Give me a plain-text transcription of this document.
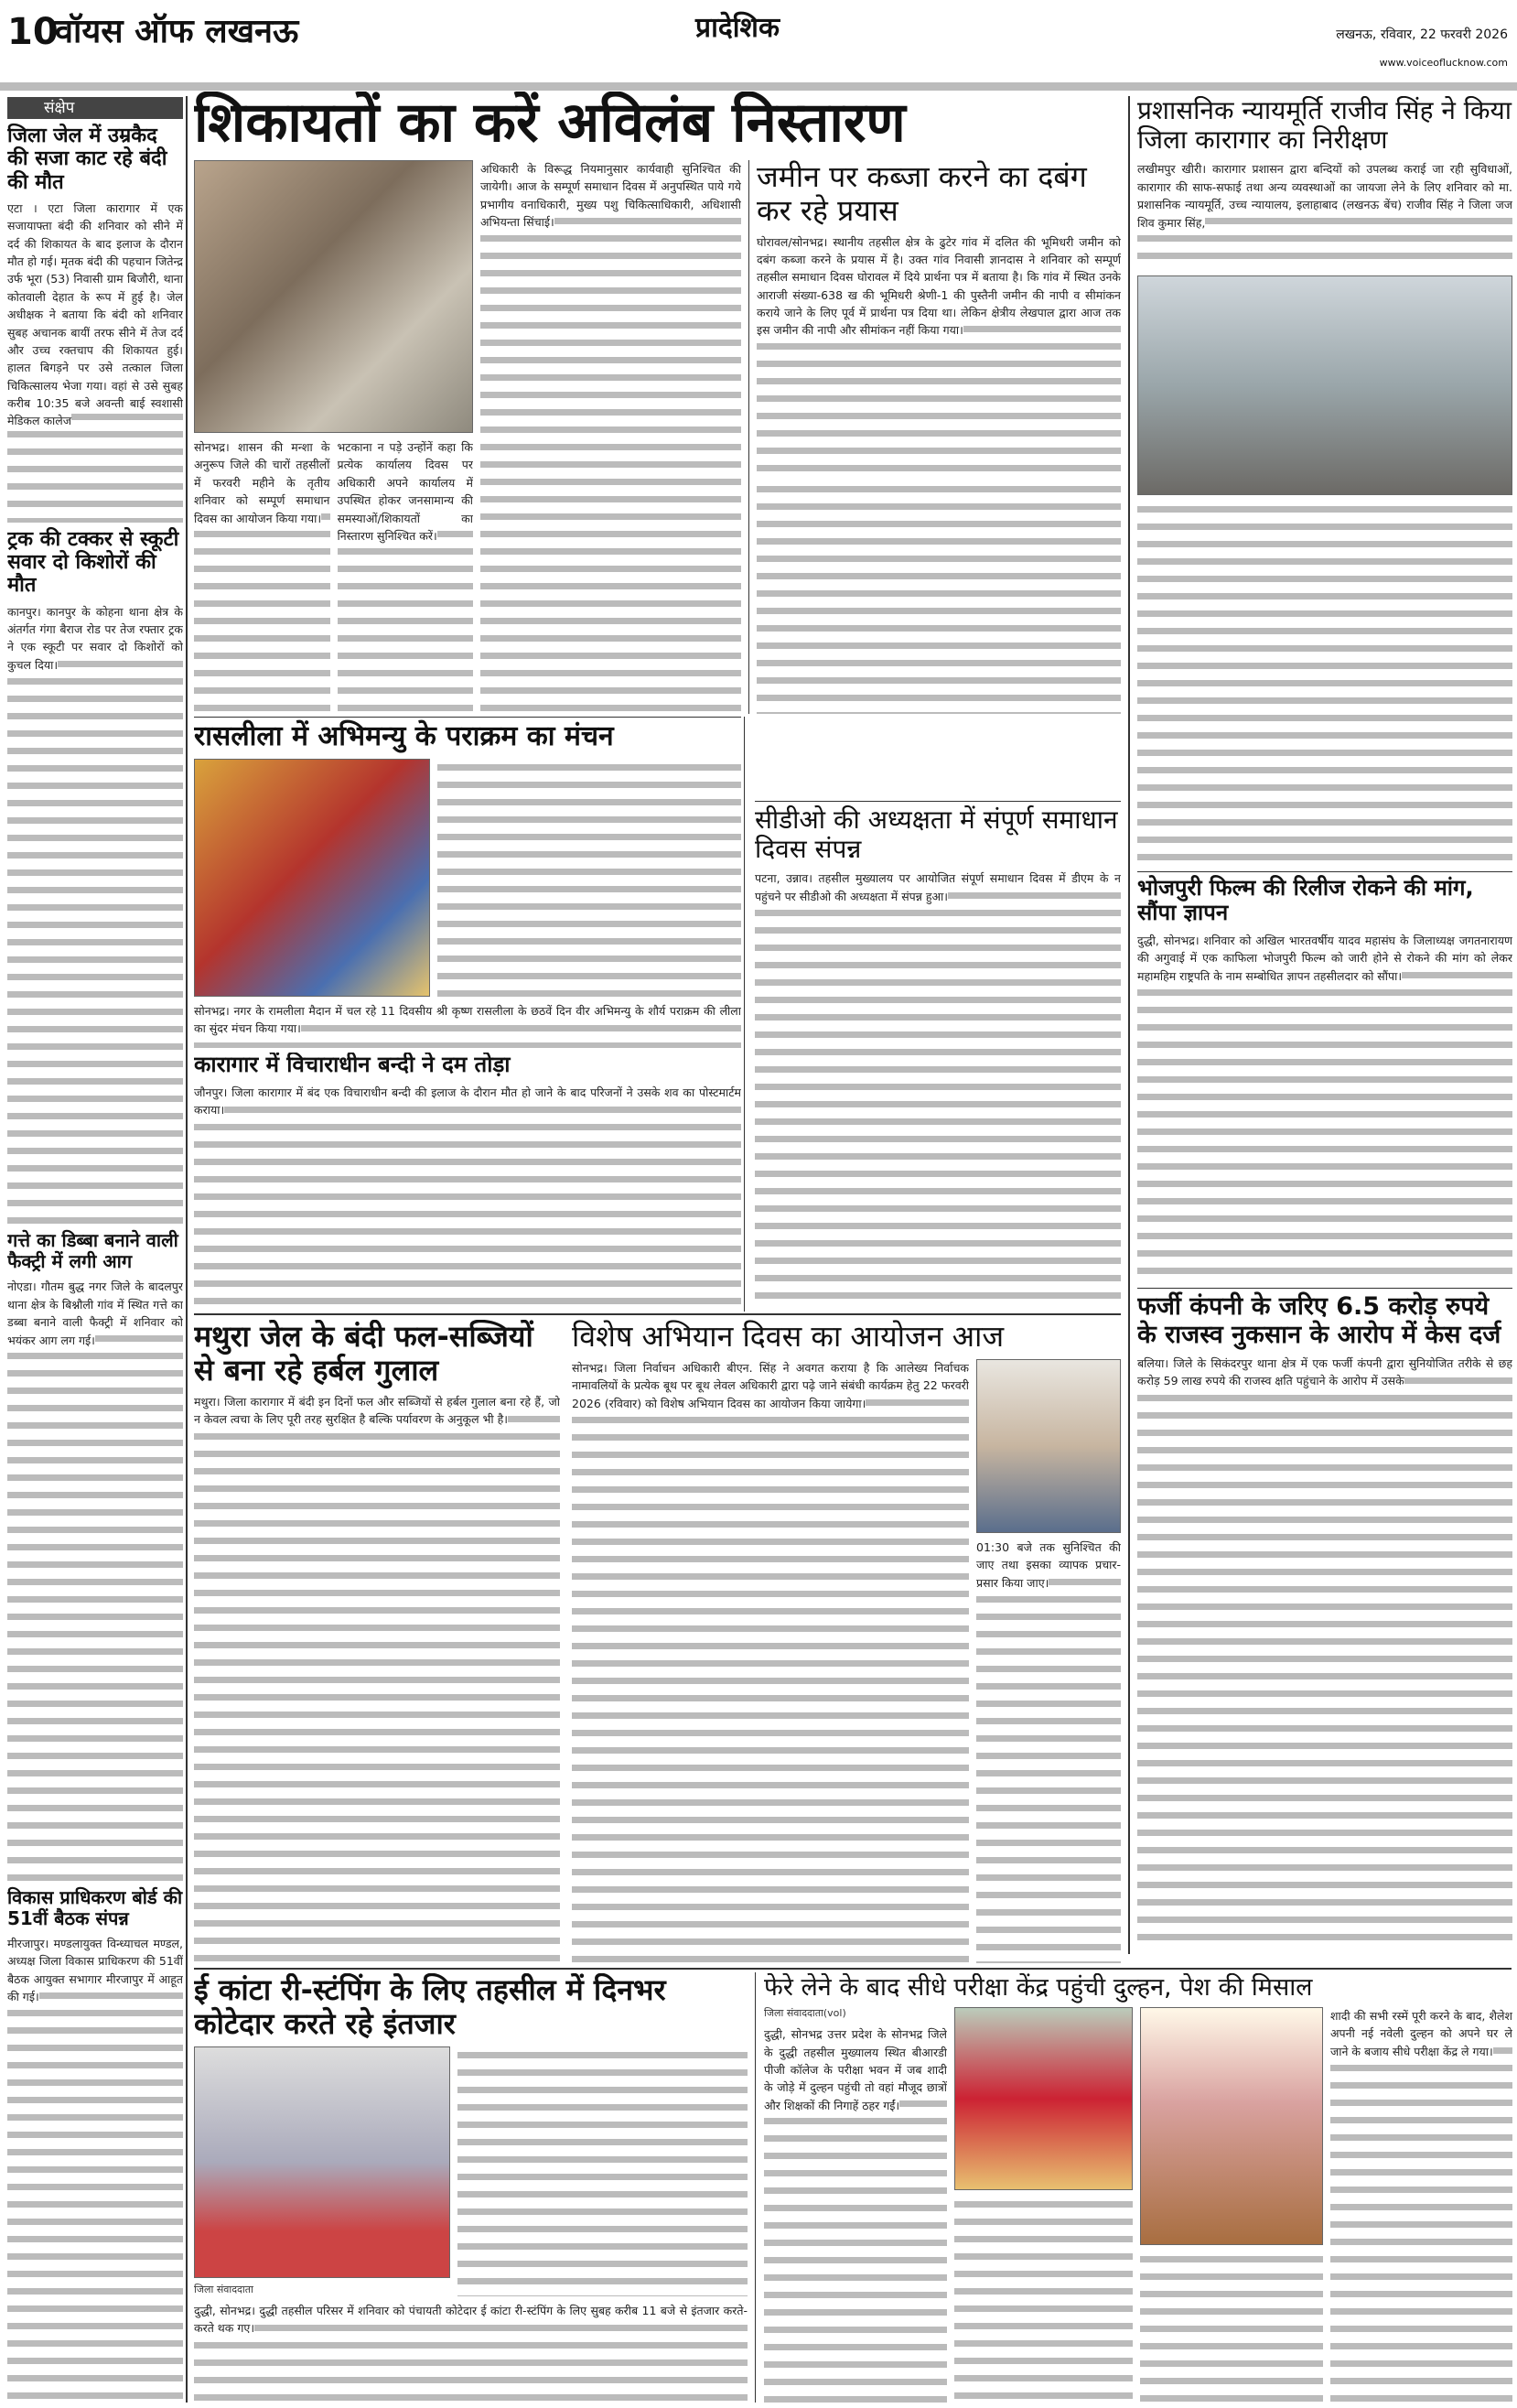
10
वॉयस ऑफ लखनऊ	प्रादेशिक	लखनऊ, रविवार, 22 फरवरी 2026
www.voiceoflucknow.com
संक्षेप
जिला जेल में उम्रकैद की सजा काट रहे बंदी की मौत
एटा । एटा जिला कारागार में एक सजायाफ्ता बंदी की शनिवार को सीने में दर्द की शिकायत के बाद इलाज के दौरान मौत हो गई। मृतक बंदी की पहचान जितेन्द्र उर्फ भूरा (53) निवासी ग्राम बिजौरी, थाना कोतवाली देहात के रूप में हुई है। जेल अधीक्षक ने बताया कि बंदी को शनिवार सुबह अचानक बायीं तरफ सीने में तेज दर्द और उच्च रक्तचाप की शिकायत हुई। हालत बिगड़ने पर उसे तत्काल जिला चिकित्सालय भेजा गया। वहां से उसे सुबह करीब 10:35 बजे अवन्ती बाई स्वशासी मेडिकल कालेज
ट्रक की टक्कर से स्कूटी सवार दो किशोरों की मौत
कानपुर। कानपुर के कोहना थाना क्षेत्र के अंतर्गत गंगा बैराज रोड पर तेज रफ्तार ट्रक ने एक स्कूटी पर सवार दो किशोरों को कुचल दिया।
गत्ते का डिब्बा बनाने वाली फैक्ट्री में लगी आग
नोएडा। गौतम बुद्ध नगर जिले के बादलपुर थाना क्षेत्र के बिश्नौली गांव में स्थित गत्ते का डब्बा बनाने वाली फैक्ट्री में शनिवार को भयंकर आग लग गई।
विकास प्राधिकरण बोर्ड की 51वीं बैठक संपन्न
मीरजापुर। मण्डलायुक्त विन्ध्याचल मण्डल, अध्यक्ष जिला विकास प्राधिकरण की 51वीं बैठक आयुक्त सभागार मीरजापुर में आहूत की गई।
शिकायतों का करें अविलंब निस्तारण
सोनभद्र। शासन की मन्शा के अनुरूप जिले की चारों तहसीलों में फरवरी महीने के तृतीय शनिवार को सम्पूर्ण समाधान दिवस का आयोजन किया गया।
भटकाना न पड़े उन्होंनें कहा कि प्रत्येक कार्यालय दिवस पर अधिकारी अपने कार्यालय में उपस्थित होकर जनसामान्य की समस्याओं/शिकायतों का निस्तारण सुनिश्चित करें।
अधिकारी के विरूद्ध नियमानुसार कार्यवाही सुनिश्चित की जायेगी। आज के सम्पूर्ण समाधान दिवस में अनुपस्थित पाये गये प्रभागीय वनाधिकारी, मुख्य पशु चिकित्साधिकारी, अधिशासी अभियन्ता सिंचाई।
जमीन पर कब्जा करने का दबंग कर रहे प्रयास
घोरावल/सोनभद्र। स्थानीय तहसील क्षेत्र के ढुटेर गांव में दलित की भूमिधरी जमीन को दबंग कब्जा करने के प्रयास में है। उक्त गांव निवासी ज्ञानदास ने शनिवार को सम्पूर्ण तहसील समाधान दिवस घोरावल में दिये प्रार्थना पत्र में बताया है। कि गांव में स्थित उनके आराजी संख्या-638 ख की भूमिधरी श्रेणी-1 की पुस्तैनी जमीन की नापी व सीमांकन कराये जाने के लिए पूर्व में प्रार्थना पत्र दिया था। लेकिन क्षेत्रीय लेखपाल द्वारा आज तक इस जमीन की नापी और सीमांकन नहीं किया गया।
प्रशासनिक न्यायमूर्ति राजीव सिंह ने किया जिला कारागार का निरीक्षण
लखीमपुर खीरी। कारागार प्रशासन द्वारा बन्दियों को उपलब्ध कराई जा रही सुविधाओं, कारागार की साफ-सफाई तथा अन्य व्यवस्थाओं का जायजा लेने के लिए शनिवार को मा. प्रशासनिक न्यायमूर्ति, उच्च न्यायालय, इलाहाबाद (लखनऊ बेंच) राजीव सिंह ने जिला जज शिव कुमार सिंह,
भोजपुरी फिल्म की रिलीज रोकने की मांग, सौंपा ज्ञापन
दुद्धी, सोनभद्र। शनिवार को अखिल भारतवर्षीय यादव महासंघ के जिलाध्यक्ष जगतनारायण की अगुवाई में एक काफिला भोजपुरी फिल्म को जारी होने से रोकने की मांग को लेकर महामहिम राष्ट्रपति के नाम सम्बोधित ज्ञापन तहसीलदार को सौंपा।
फर्जी कंपनी के जरिए 6.5 करोड़ रुपये के राजस्व नुकसान के आरोप में केस दर्ज
बलिया। जिले के सिकंदरपुर थाना क्षेत्र में एक फर्जी कंपनी द्वारा सुनियोजित तरीके से छह करोड़ 59 लाख रुपये की राजस्व क्षति पहुंचाने के आरोप में उसके
रासलीला में अभिमन्यु के पराक्रम का मंचन
सोनभद्र। नगर के रामलीला मैदान में चल रहे 11 दिवसीय श्री कृष्ण रासलीला के छठवें दिन वीर अभिमन्यु के शौर्य पराक्रम की लीला का सुंदर मंचन किया गया।
सीडीओ की अध्यक्षता में संपूर्ण समाधान दिवस संपन्न
पटना, उन्नाव। तहसील मुख्यालय पर आयोजित संपूर्ण समाधान दिवस में डीएम के न पहुंचने पर सीडीओ की अध्यक्षता में संपन्न हुआ।
कारागार में विचाराधीन बन्दी ने दम तोड़ा
जौनपुर। जिला कारागार में बंद एक विचाराधीन बन्दी की इलाज के दौरान मौत हो जाने के बाद परिजनों ने उसके शव का पोस्टमार्टम कराया।
मथुरा जेल के बंदी फल-सब्जियों से बना रहे हर्बल गुलाल
मथुरा। जिला कारागार में बंदी इन दिनों फल और सब्जियों से हर्बल गुलाल बना रहे हैं, जो न केवल त्वचा के लिए पूरी तरह सुरक्षित है बल्कि पर्यावरण के अनुकूल भी है।
विशेष अभियान दिवस का आयोजन आज
सोनभद्र। जिला निर्वाचन अधिकारी बीएन. सिंह ने अवगत कराया है कि आलेख्य निर्वाचक नामावलियों के प्रत्येक बूथ पर बूथ लेवल अधिकारी द्वारा पढ़े जाने संबंधी कार्यक्रम हेतु 22 फरवरी 2026 (रविवार) को विशेष अभियान दिवस का आयोजन किया जायेगा।
01:30 बजे तक सुनिश्चित की जाए तथा इसका व्यापक प्रचार-प्रसार किया जाए।
ई कांटा री-स्टंपिंग के लिए तहसील में दिनभर कोटेदार करते रहे इंतजार
जिला संवाददाता
दुद्धी, सोनभद्र। दुद्धी तहसील परिसर में शनिवार को पंचायती कोटेदार ई कांटा री-स्टंपिंग के लिए सुबह करीब 11 बजे से इंतजार करते-करते थक गए।
फेरे लेने के बाद सीधे परीक्षा केंद्र पहुंची दुल्हन, पेश की मिसाल
जिला संवाददाता(vol)
दुद्धी, सोनभद्र उत्तर प्रदेश के सोनभद्र जिले के दुद्धी तहसील मुख्यालय स्थित बीआरडी पीजी कॉलेज के परीक्षा भवन में जब शादी के जोड़े में दुल्हन पहुंची तो वहां मौजूद छात्रों और शिक्षकों की निगाहें ठहर गईं।
शादी की सभी रस्में पूरी करने के बाद, शैलेश अपनी नई नवेली दुल्हन को अपने घर ले जाने के बजाय सीधे परीक्षा केंद्र ले गया।
